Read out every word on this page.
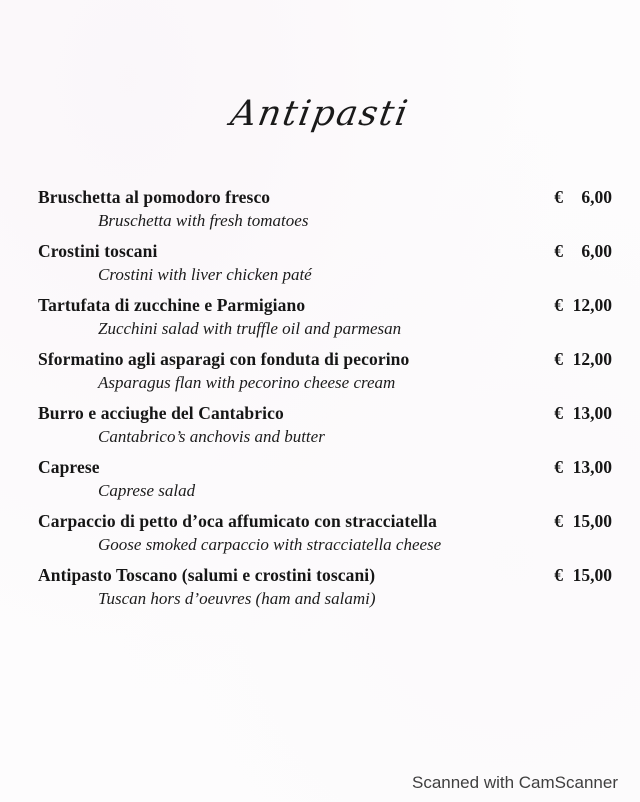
Antipasti
Bruschetta al pomodoro fresco	€	6,00
Bruschetta with fresh tomatoes
Crostini toscani	€	6,00
Crostini with liver chicken paté
Tartufata di zucchine e Parmigiano	€ 12,00
Zucchini salad with truffle oil and parmesan
Sformatino agli asparagi con fonduta di pecorino	€ 12,00
Asparagus flan with pecorino cheese cream
Burro e acciughe del Cantabrico	€ 13,00
Cantabrico’s anchovis and butter
Caprese	€ 13,00
Caprese salad
Carpaccio di petto d’oca affumicato con stracciatella	€ 15,00
Goose smoked carpaccio with stracciatella cheese
Antipasto Toscano (salumi e crostini toscani)	€ 15,00
Tuscan hors d’oeuvres (ham and salami)
Scanned with CamScanner
